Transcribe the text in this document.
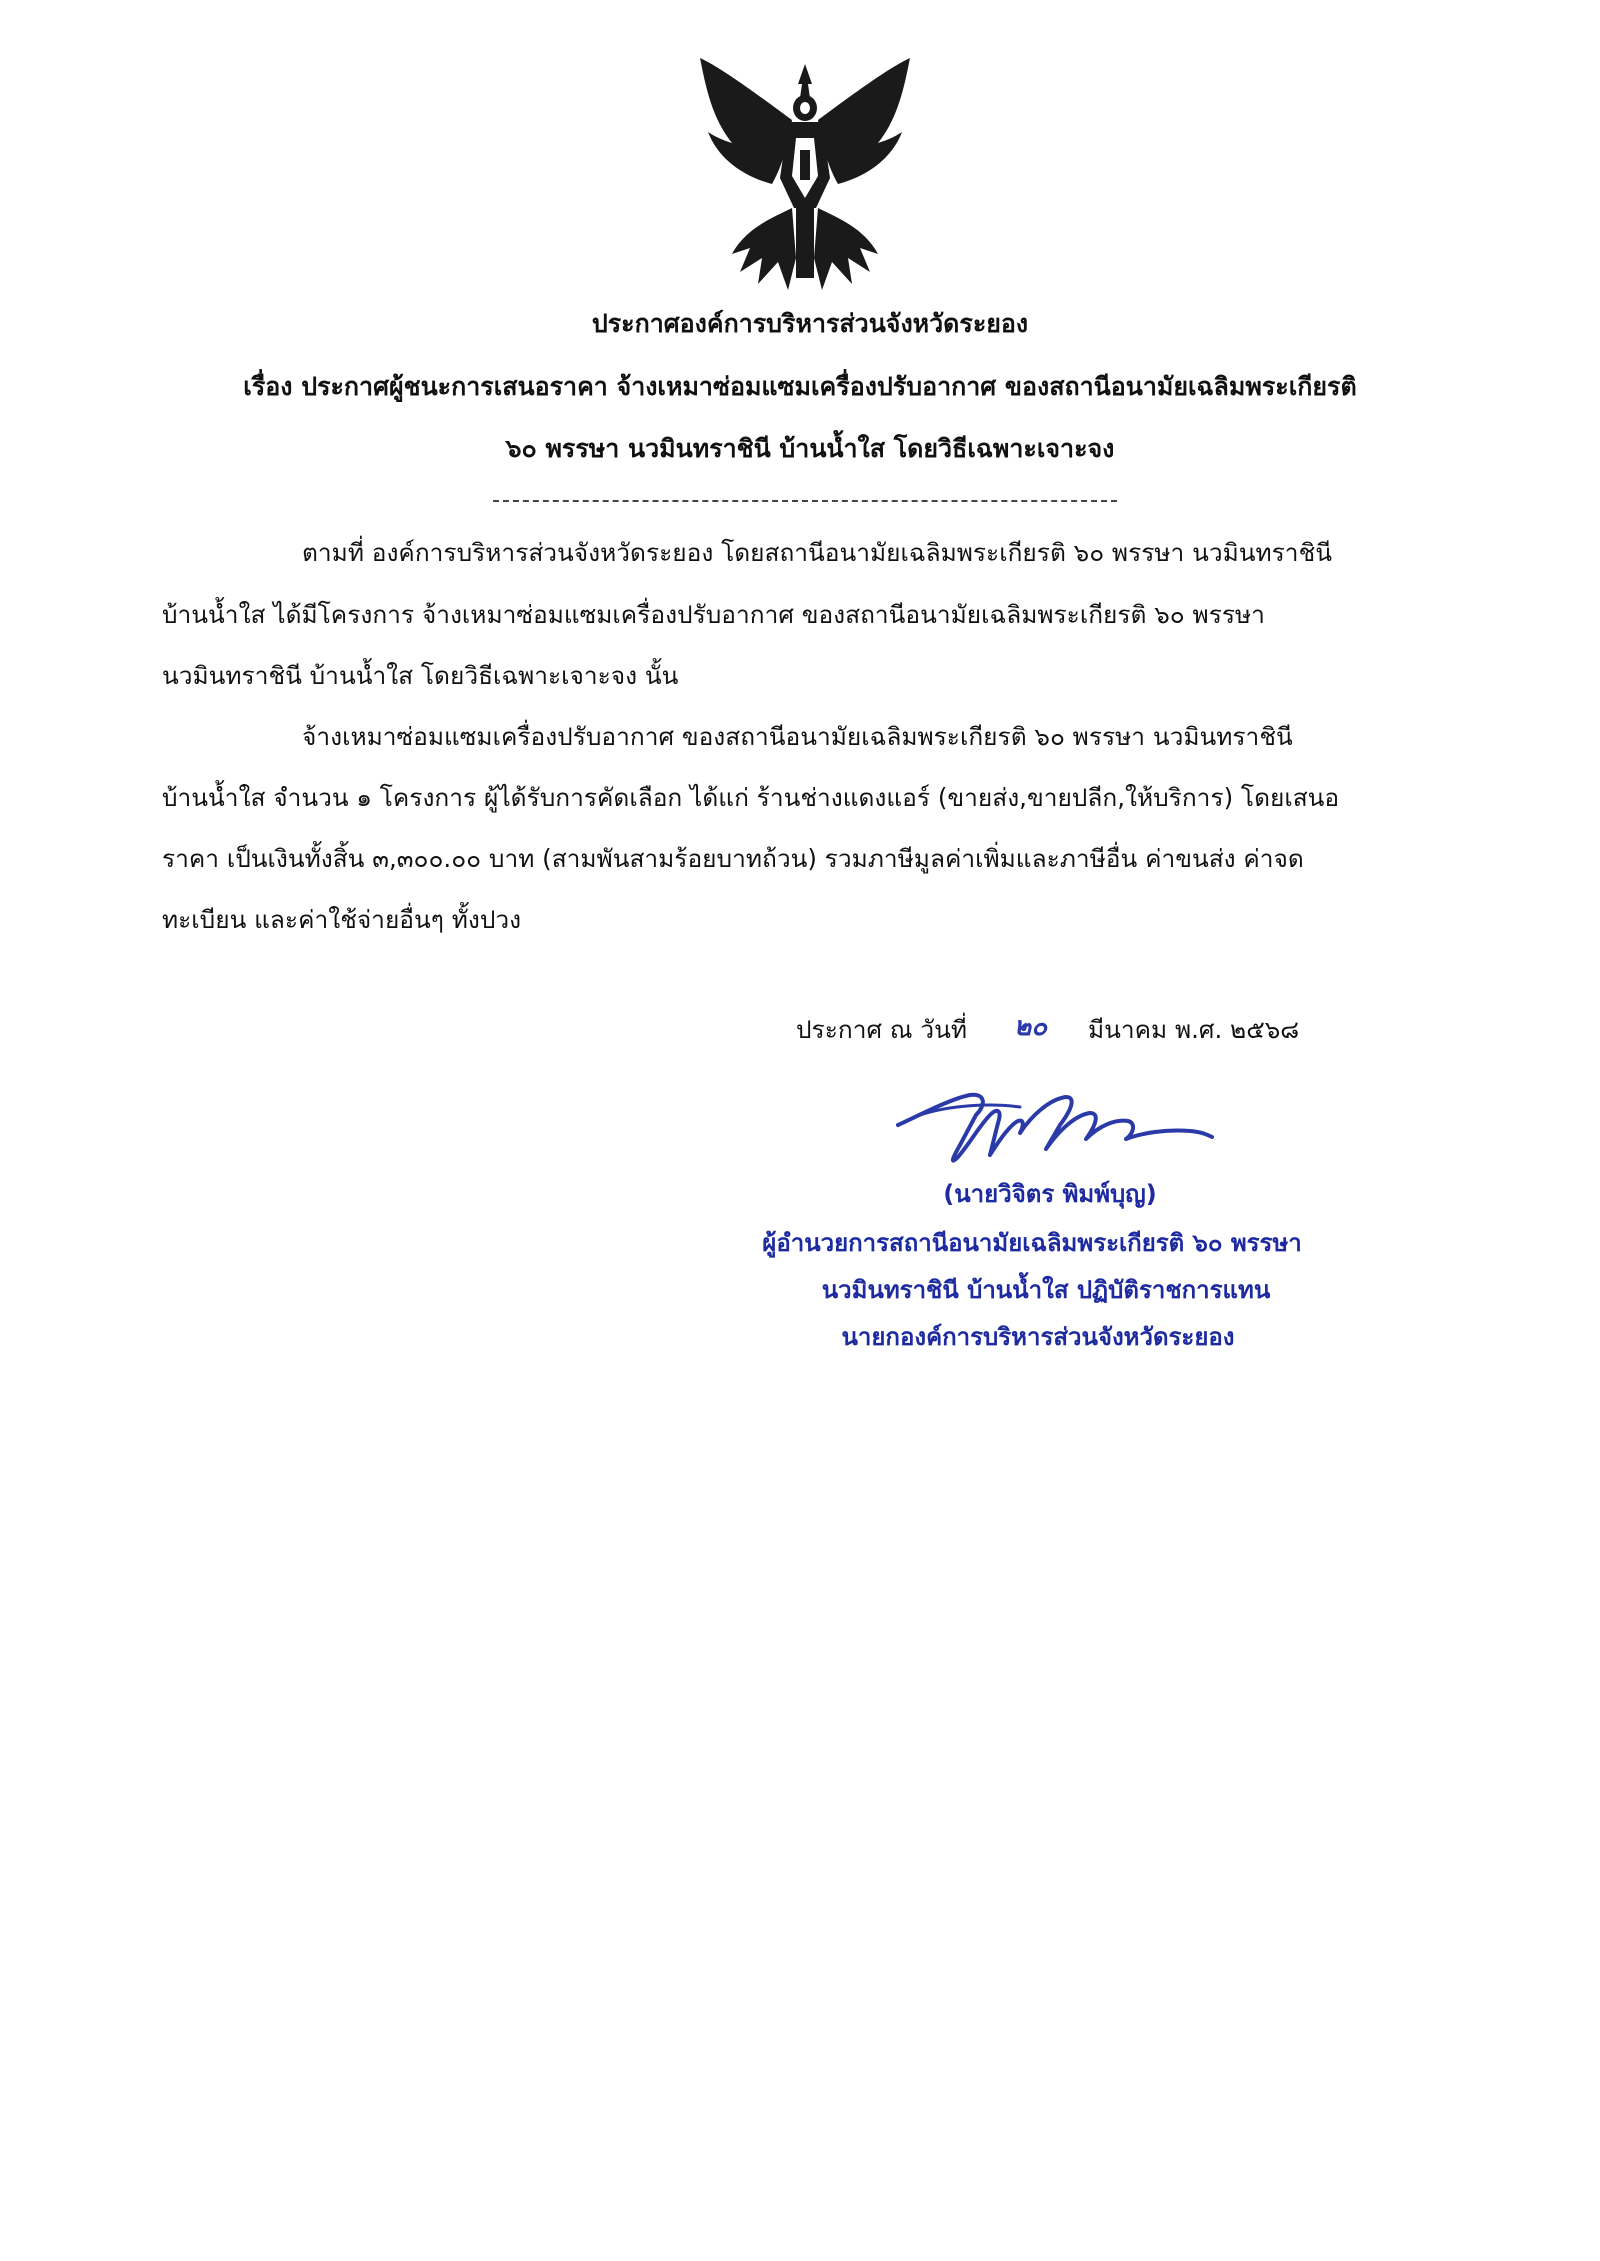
ประกาศองค์การบริหารส่วนจังหวัดระยอง
เรื่อง ประกาศผู้ชนะการเสนอราคา จ้างเหมาซ่อมแซมเครื่องปรับอากาศ ของสถานีอนามัยเฉลิมพระเกียรติ
๖๐ พรรษา นวมินทราชินี บ้านน้ำใส โดยวิธีเฉพาะเจาะจง
ตามที่ องค์การบริหารส่วนจังหวัดระยอง โดยสถานีอนามัยเฉลิมพระเกียรติ ๖๐ พรรษา นวมินทราชินี
บ้านน้ำใส ได้มีโครงการ จ้างเหมาซ่อมแซมเครื่องปรับอากาศ ของสถานีอนามัยเฉลิมพระเกียรติ ๖๐ พรรษา
นวมินทราชินี บ้านน้ำใส โดยวิธีเฉพาะเจาะจง นั้น
จ้างเหมาซ่อมแซมเครื่องปรับอากาศ ของสถานีอนามัยเฉลิมพระเกียรติ ๖๐ พรรษา นวมินทราชินี
บ้านน้ำใส จำนวน ๑ โครงการ ผู้ได้รับการคัดเลือก ได้แก่ ร้านช่างแดงแอร์ (ขายส่ง,ขายปลีก,ให้บริการ) โดยเสนอ
ราคา เป็นเงินทั้งสิ้น ๓,๓๐๐.๐๐ บาท (สามพันสามร้อยบาทถ้วน) รวมภาษีมูลค่าเพิ่มและภาษีอื่น ค่าขนส่ง ค่าจด
ทะเบียน และค่าใช้จ่ายอื่นๆ ทั้งปวง
ประกาศ ณ วันที่ ๒๐ มีนาคม พ.ศ. ๒๕๖๘
(นายวิจิตร พิมพ์บุญ)
ผู้อำนวยการสถานีอนามัยเฉลิมพระเกียรติ ๖๐ พรรษา
นวมินทราชินี บ้านน้ำใส ปฏิบัติราชการแทน
นายกองค์การบริหารส่วนจังหวัดระยอง
